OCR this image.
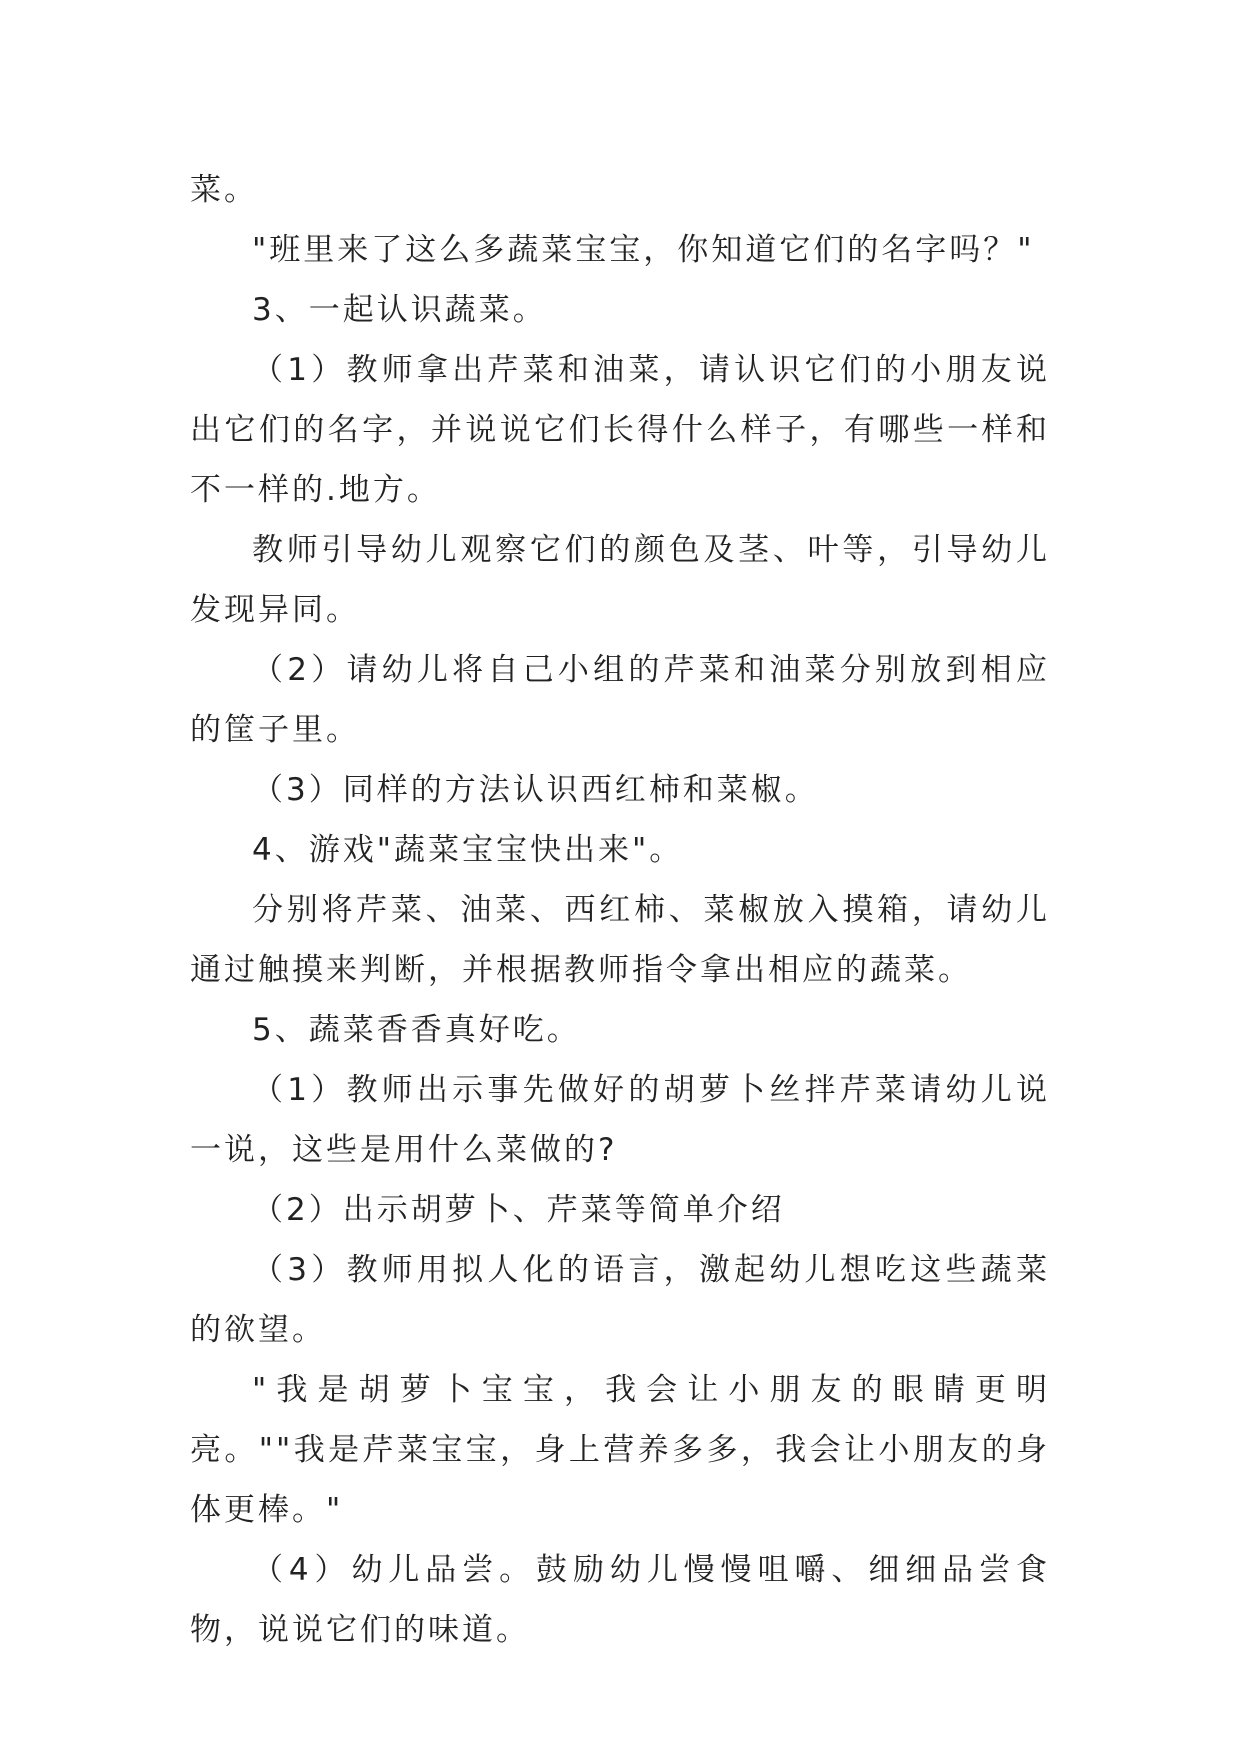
菜。

"班里来了这么多蔬菜宝宝，你知道它们的名字吗？"

3、一起认识蔬菜。

（1）教师拿出芹菜和油菜，请认识它们的小朋友说出它们的名字，并说说它们长得什么样子，有哪些一样和不一样的.地方。

教师引导幼儿观察它们的颜色及茎、叶等，引导幼儿发现异同。

（2）请幼儿将自己小组的芹菜和油菜分别放到相应的筐子里。

（3）同样的方法认识西红柿和菜椒。

4、游戏"蔬菜宝宝快出来"。

分别将芹菜、油菜、西红柿、菜椒放入摸箱，请幼儿通过触摸来判断，并根据教师指令拿出相应的蔬菜。

5、蔬菜香香真好吃。

（1）教师出示事先做好的胡萝卜丝拌芹菜请幼儿说一说，这些是用什么菜做的?

（2）出示胡萝卜、芹菜等简单介绍

（3）教师用拟人化的语言，激起幼儿想吃这些蔬菜的欲望。

"我是胡萝卜宝宝，我会让小朋友的眼睛更明亮。""我是芹菜宝宝，身上营养多多，我会让小朋友的身体更棒。"

（4）幼儿品尝。鼓励幼儿慢慢咀嚼、细细品尝食物，说说它们的味道。
